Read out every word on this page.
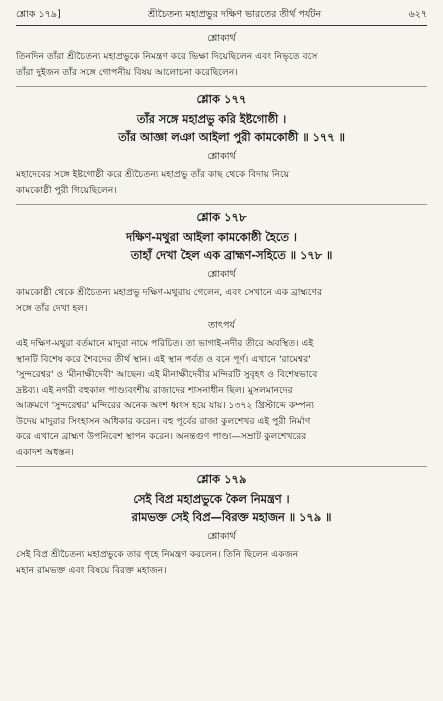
শ্লোক ১৭৯]	শ্রীচৈতন্য মহাপ্রভুর দক্ষিণ ভারতের তীর্থ পর্যটন	৬২৭
শ্লোকার্থ
তিনদিন তাঁরা শ্রীচৈতন্য মহাপ্রভুকে নিমন্ত্রণ করে ভিক্ষা দিয়েছিলেন এবং নিভৃতে বসে
তাঁরা দুইজন তাঁর সঙ্গে গোপনীয় বিষয় আলোচনা করেছিলেন।
শ্লোক ১৭৭
তাঁর সঙ্গে মহাপ্রভু করি ইষ্টগোষ্ঠী ।
তাঁর আজ্ঞা লঞা আইলা পুরী কামকোষ্ঠী ॥ ১৭৭ ॥
শ্লোকার্থ
মহাদেবের সঙ্গে ইষ্টগোষ্ঠী করে শ্রীচৈতন্য মহাপ্রভু তাঁর কাছ থেকে বিদায় নিয়ে
কামকোষ্ঠী পুরী গিয়েছিলেন।
শ্লোক ১৭৮
দক্ষিণ-মথুরা আইলা কামকোষ্ঠী হৈতে ।
তাহাঁ দেখা হৈল এক ব্রাহ্মণ-সহিতে ॥ ১৭৮ ॥
শ্লোকার্থ
কামকোষ্ঠী থেকে শ্রীচৈতন্য মহাপ্রভু দক্ষিণ-মথুরায় গেলেন, এবং সেখানে এক ব্রাহ্মণের
সঙ্গে তাঁর দেখা হল।
তাৎপর্য
এই দক্ষিণ-মথুরা বর্তমানে মাদুরা নামে পরিচিত। তা ভাগাই-নদীর তীরে অবস্থিত। এই
স্থানটি বিশেষ করে শৈবদের তীর্থ স্থান। এই স্থান পর্বত ও বনে পূর্ণ। এখানে 'রামেশ্বর'
'সুন্দরেশ্বর' ও 'মীনাক্ষীদেবী' আছেন। এই মীনাক্ষীদেবীর মন্দিরটি সুবৃহৎ ও বিশেষভাবে
দ্রষ্টব্য। এই নগরী বহুকাল পাণ্ড্যবংশীয় রাজাদের শাসনাধীন ছিল। মুসলমানদের
আক্রমণে 'সুন্দরেশ্বর' মন্দিরের অনেক অংশ ধ্বংস হয়ে যায়। ১৩৭২ খ্রিস্টাব্দে কম্পন্য
উদেয় মাদুরার সিংহাসন অধিকার করেন। বহু পূর্বের রাজা কুলশেখর এই পুরী নির্মাণ
করে এখানে ব্রাহ্মণ উপনিবেশ স্থাপন করেন। অনন্তগুণ পাণ্ড্য—সম্রাট কুলশেখরের
একাদশ অধস্তন।
শ্লোক ১৭৯
সেই বিপ্র মহাপ্রভুকে কৈল নিমন্ত্রণ ।
রামভক্ত সেই বিপ্র—বিরক্ত মহাজন ॥ ১৭৯ ॥
শ্লোকার্থ
সেই বিপ্র শ্রীচৈতন্য মহাপ্রভুকে তার গৃহে নিমন্ত্রণ করলেন। তিনি ছিলেন একজন
মহান রামভক্ত এবং বিষয়ে বিরক্ত মহাজন।
